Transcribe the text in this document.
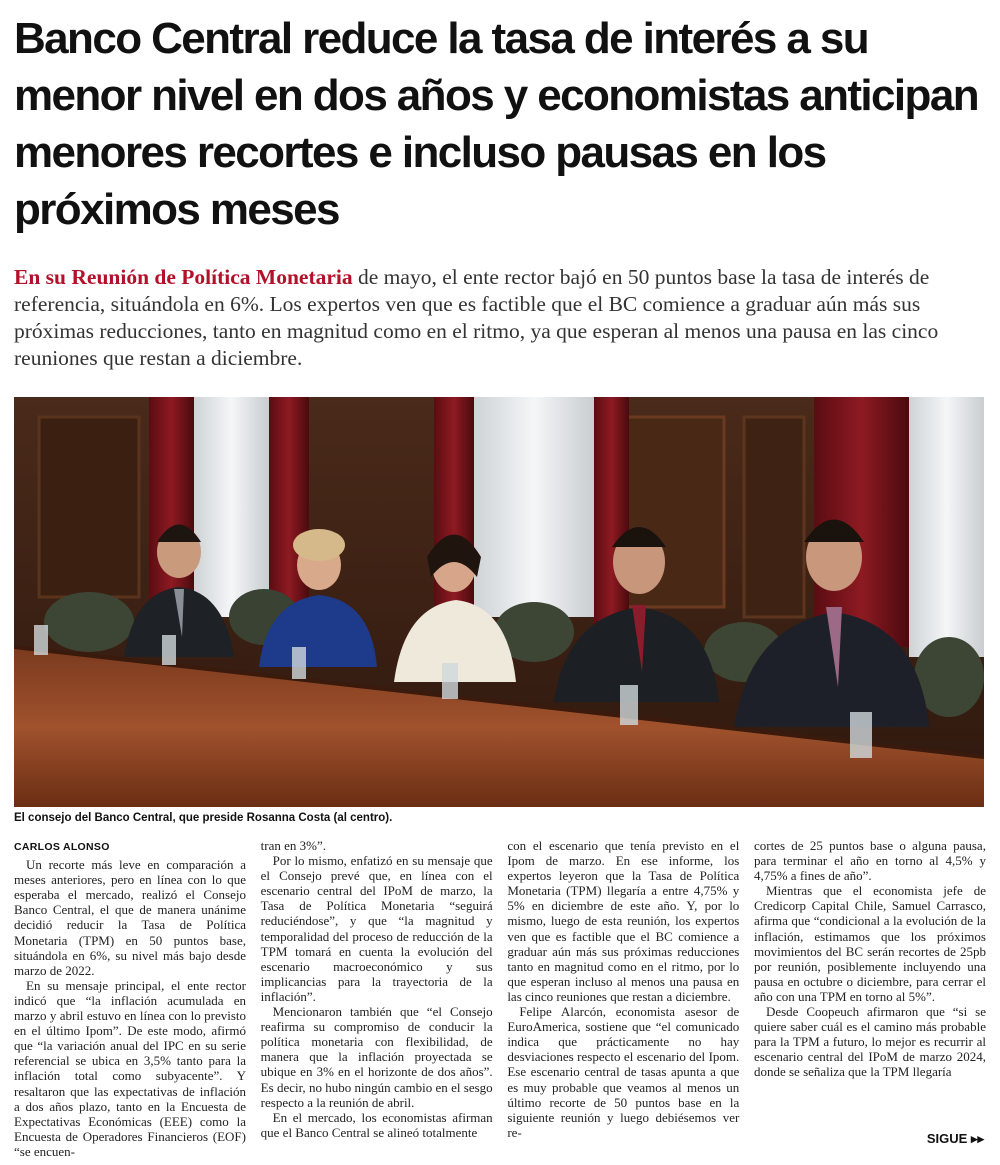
Banco Central reduce la tasa de interés a su menor nivel en dos años y economistas anticipan menores recortes e incluso pausas en los próximos meses

En su Reunión de Política Monetaria de mayo, el ente rector bajó en 50 puntos base la tasa de interés de referencia, situándola en 6%. Los expertos ven que es factible que el BC comience a graduar aún más sus próximas reducciones, tanto en magnitud como en el ritmo, ya que esperan al menos una pausa en las cinco reuniones que restan a diciembre.

El consejo del Banco Central, que preside Rosanna Costa (al centro).

CARLOS ALONSO

Un recorte más leve en comparación a meses anteriores, pero en línea con lo que esperaba el mercado, realizó el Consejo Banco Central, el que de manera unánime decidió reducir la Tasa de Política Monetaria (TPM) en 50 puntos base, situándola en 6%, su nivel más bajo desde marzo de 2022.

En su mensaje principal, el ente rector indicó que “la inflación acumulada en marzo y abril estuvo en línea con lo previsto en el último Ipom”. De este modo, afirmó que “la variación anual del IPC en su serie referencial se ubica en 3,5% tanto para la inflación total como subyacente”. Y resaltaron que las expectativas de inflación a dos años plazo, tanto en la Encuesta de Expectativas Económicas (EEE) como la Encuesta de Operadores Financieros (EOF) “se encuen-

tran en 3%”.

Por lo mismo, enfatizó en su mensaje que el Consejo prevé que, en línea con el escenario central del IPoM de marzo, la Tasa de Política Monetaria “seguirá reduciéndose”, y que “la magnitud y temporalidad del proceso de reducción de la TPM tomará en cuenta la evolución del escenario macroeconómico y sus implicancias para la trayectoria de la inflación”.

Mencionaron también que “el Consejo reafirma su compromiso de conducir la política monetaria con flexibilidad, de manera que la inflación proyectada se ubique en 3% en el horizonte de dos años”. Es decir, no hubo ningún cambio en el sesgo respecto a la reunión de abril.

En el mercado, los economistas afirman que el Banco Central se alineó totalmente

con el escenario que tenía previsto en el Ipom de marzo. En ese informe, los expertos leyeron que la Tasa de Política Monetaria (TPM) llegaría a entre 4,75% y 5% en diciembre de este año. Y, por lo mismo, luego de esta reunión, los expertos ven que es factible que el BC comience a graduar aún más sus próximas reducciones tanto en magnitud como en el ritmo, por lo que esperan incluso al menos una pausa en las cinco reuniones que restan a diciembre.

Felipe Alarcón, economista asesor de EuroAmerica, sostiene que “el comunicado indica que prácticamente no hay desviaciones respecto el escenario del Ipom. Ese escenario central de tasas apunta a que es muy probable que veamos al menos un último recorte de 50 puntos base en la siguiente reunión y luego debiésemos ver re-

cortes de 25 puntos base o alguna pausa, para terminar el año en torno al 4,5% y 4,75% a fines de año”.

Mientras que el economista jefe de Credicorp Capital Chile, Samuel Carrasco, afirma que “condicional a la evolución de la inflación, estimamos que los próximos movimientos del BC serán recortes de 25pb por reunión, posiblemente incluyendo una pausa en octubre o diciembre, para cerrar el año con una TPM en torno al 5%”.

Desde Coopeuch afirmaron que “si se quiere saber cuál es el camino más probable para la TPM a futuro, lo mejor es recurrir al escenario central del IPoM de marzo 2024, donde se señaliza que la TPM llegaría

SIGUE ▸▸
